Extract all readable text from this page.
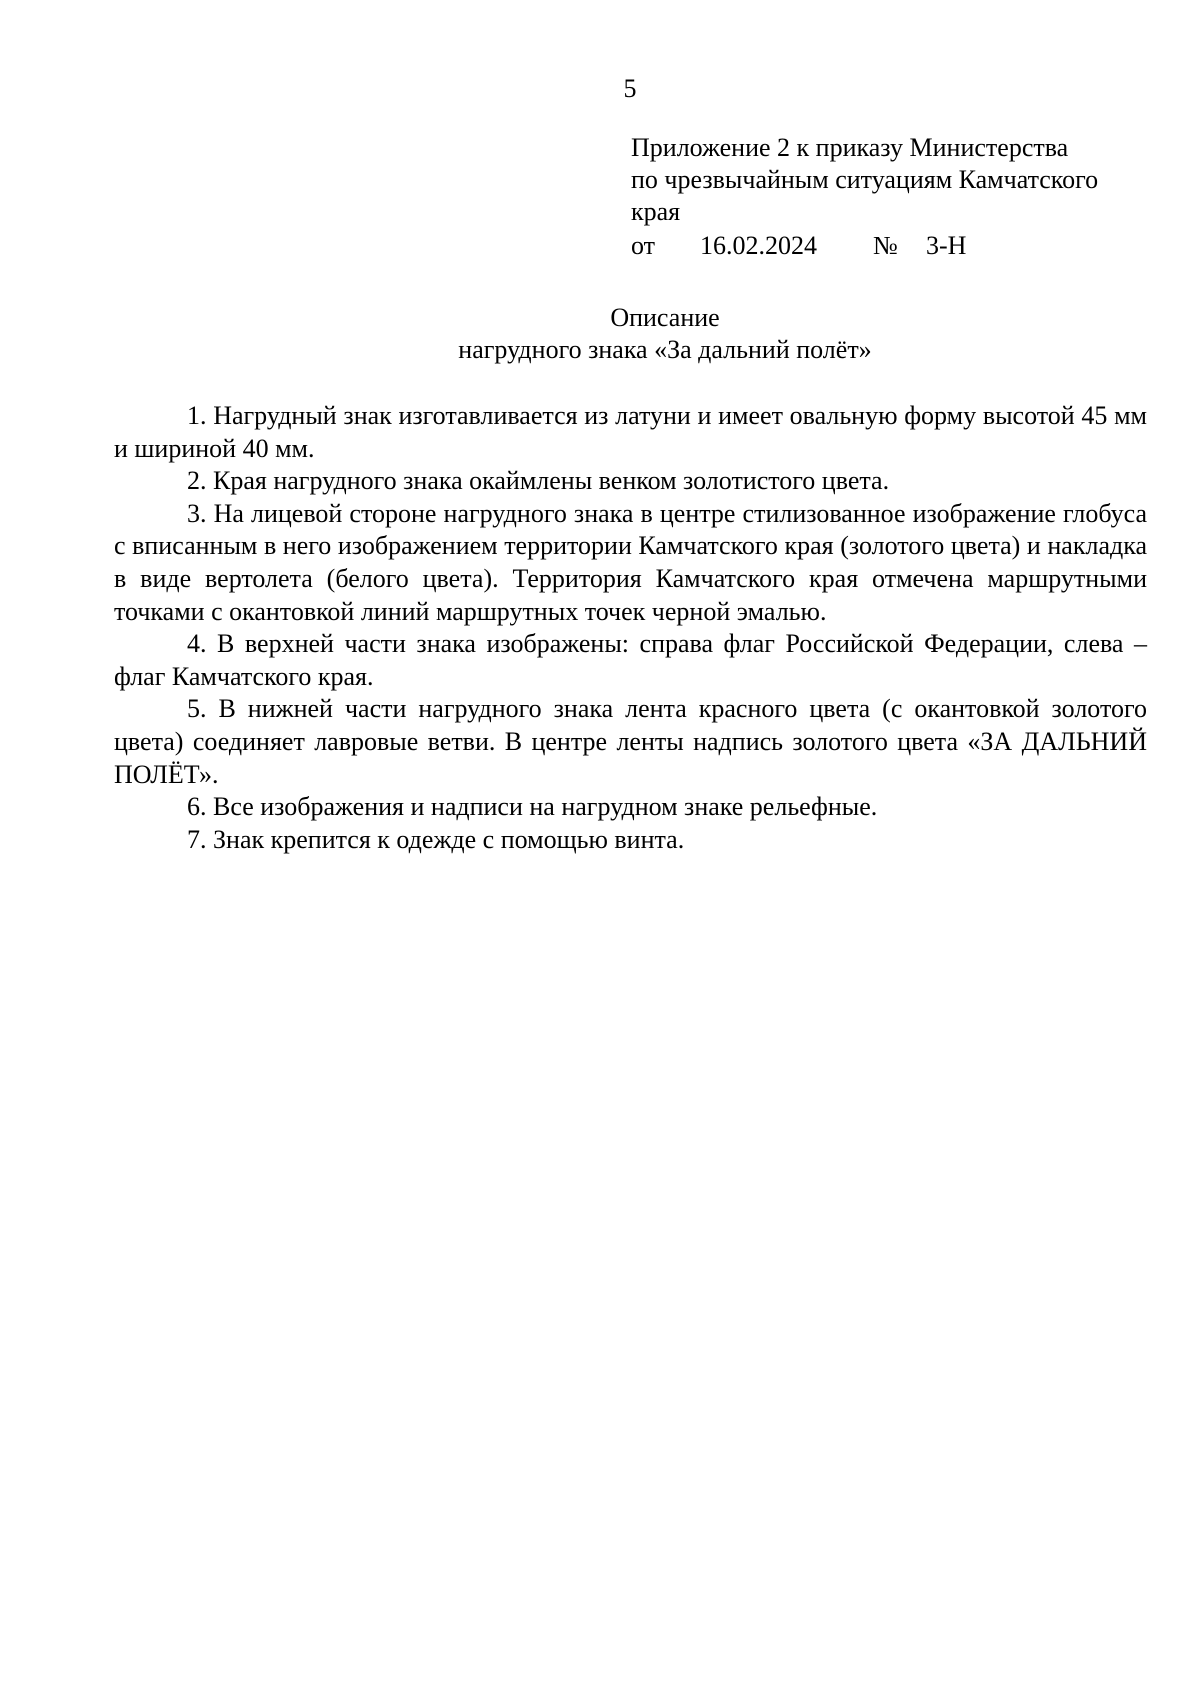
5
Приложение 2 к приказу Министерства
по чрезвычайным ситуациям Камчатского
края
от 16.02.2024 № 3-Н
Описание
нагрудного знака «За дальний полёт»

1. Нагрудный знак изготавливается из латуни и имеет овальную форму высотой 45 мм и шириной 40 мм.

2. Края нагрудного знака окаймлены венком золотистого цвета.

3. На лицевой стороне нагрудного знака в центре стилизованное изображение глобуса с вписанным в него изображением территории Камчатского края (золотого цвета) и накладка в виде вертолета (белого цвета). Территория Камчатского края отмечена маршрутными точками с окантовкой линий маршрутных точек черной эмалью.

4. В верхней части знака изображены: справа флаг Российской Федерации, слева – флаг Камчатского края.

5. В нижней части нагрудного знака лента красного цвета (с окантовкой золотого цвета) соединяет лавровые ветви. В центре ленты надпись золотого цвета «ЗА ДАЛЬНИЙ ПОЛЁТ».

6. Все изображения и надписи на нагрудном знаке рельефные.

7. Знак крепится к одежде с помощью винта.
